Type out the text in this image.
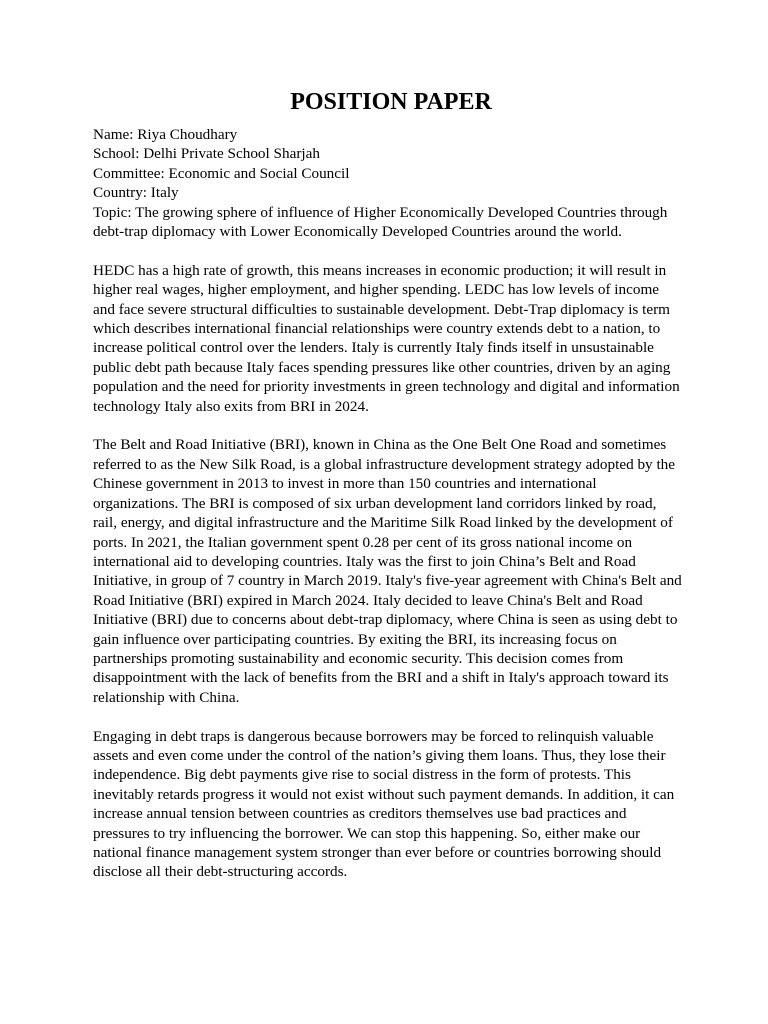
POSITION PAPER

Name: Riya Choudhary

School: Delhi Private School Sharjah

Committee: Economic and Social Council

Country: Italy

Topic: The growing sphere of influence of Higher Economically Developed Countries through debt-trap diplomacy with Lower Economically Developed Countries around the world.

HEDC has a high rate of growth, this means increases in economic production; it will result in higher real wages, higher employment, and higher spending. LEDC has low levels of income and face severe structural difficulties to sustainable development. Debt-Trap diplomacy is term which describes international financial relationships were country extends debt to a nation, to increase political control over the lenders. Italy is currently Italy finds itself in unsustainable public debt path because Italy faces spending pressures like other countries, driven by an aging population and the need for priority investments in green technology and digital and information technology Italy also exits from BRI in 2024.

The Belt and Road Initiative (BRI), known in China as the One Belt One Road and sometimes referred to as the New Silk Road, is a global infrastructure development strategy adopted by the Chinese government in 2013 to invest in more than 150 countries and international organizations. The BRI is composed of six urban development land corridors linked by road, rail, energy, and digital infrastructure and the Maritime Silk Road linked by the development of ports. In 2021, the Italian government spent 0.28 per cent of its gross national income on international aid to developing countries. Italy was the first to join China’s Belt and Road Initiative, in group of 7 country in March 2019. Italy's five-year agreement with China's Belt and Road Initiative (BRI) expired in March 2024. Italy decided to leave China's Belt and Road Initiative (BRI) due to concerns about debt-trap diplomacy, where China is seen as using debt to gain influence over participating countries. By exiting the BRI, its increasing focus on partnerships promoting sustainability and economic security. This decision comes from disappointment with the lack of benefits from the BRI and a shift in Italy's approach toward its relationship with China.

Engaging in debt traps is dangerous because borrowers may be forced to relinquish valuable assets and even come under the control of the nation’s giving them loans. Thus, they lose their independence. Big debt payments give rise to social distress in the form of protests. This inevitably retards progress it would not exist without such payment demands. In addition, it can increase annual tension between countries as creditors themselves use bad practices and pressures to try influencing the borrower. We can stop this happening. So, either make our national finance management system stronger than ever before or countries borrowing should disclose all their debt-structuring accords.
